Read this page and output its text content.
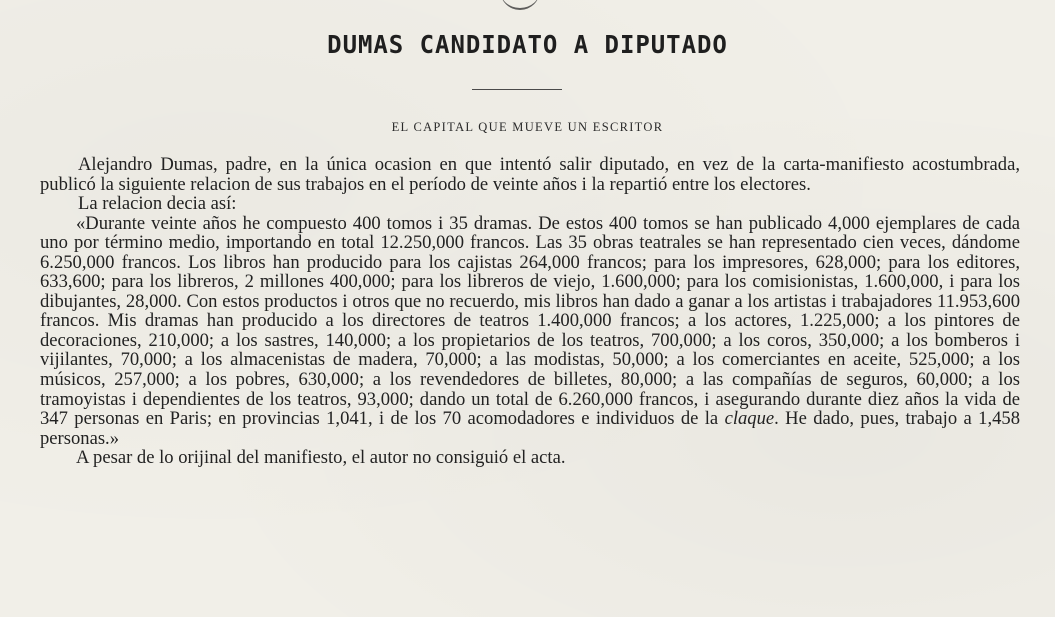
DUMAS CANDIDATO A DIPUTADO
EL CAPITAL QUE MUEVE UN ESCRITOR

Alejandro Dumas, padre, en la única ocasion en que intentó salir diputado, en vez de la carta-manifiesto acostumbrada, publicó la siguiente relacion de sus trabajos en el período de veinte años i la repartió entre los electores.

La relacion decia así:

«Durante veinte años he compuesto 400 tomos i 35 dramas. De estos 400 tomos se han publicado 4,000 ejemplares de cada uno por término medio, importando en total 12.250,000 francos. Las 35 obras teatrales se han representado cien veces, dándome 6.250,000 francos. Los libros han producido para los cajistas 264,000 francos; para los impresores, 628,000; para los editores, 633,600; para los libreros, 2 millones 400,000; para los libreros de viejo, 1.600,000; para los comisionistas, 1.600,000, i para los dibujantes, 28,000. Con estos productos i otros que no recuerdo, mis libros han dado a ganar a los artistas i trabajadores 11.953,600 francos. Mis dramas han producido a los directores de teatros 1.400,000 francos; a los actores, 1.225,000; a los pintores de decoraciones, 210,000; a los sastres, 140,000; a los propietarios de los teatros, 700,000; a los coros, 350,000; a los bomberos i vijilantes, 70,000; a los almacenistas de madera, 70,000; a las modistas, 50,000; a los comerciantes en aceite, 525,000; a los músicos, 257,000; a los pobres, 630,000; a los revendedores de billetes, 80,000; a las compañías de seguros, 60,000; a los tramoyistas i dependientes de los teatros, 93,000; dando un total de 6.260,000 francos, i asegurando durante diez años la vida de 347 personas en Paris; en provincias 1,041, i de los 70 acomodadores e individuos de la claque. He dado, pues, trabajo a 1,458 personas.»

A pesar de lo orijinal del manifiesto, el autor no consiguió el acta.
